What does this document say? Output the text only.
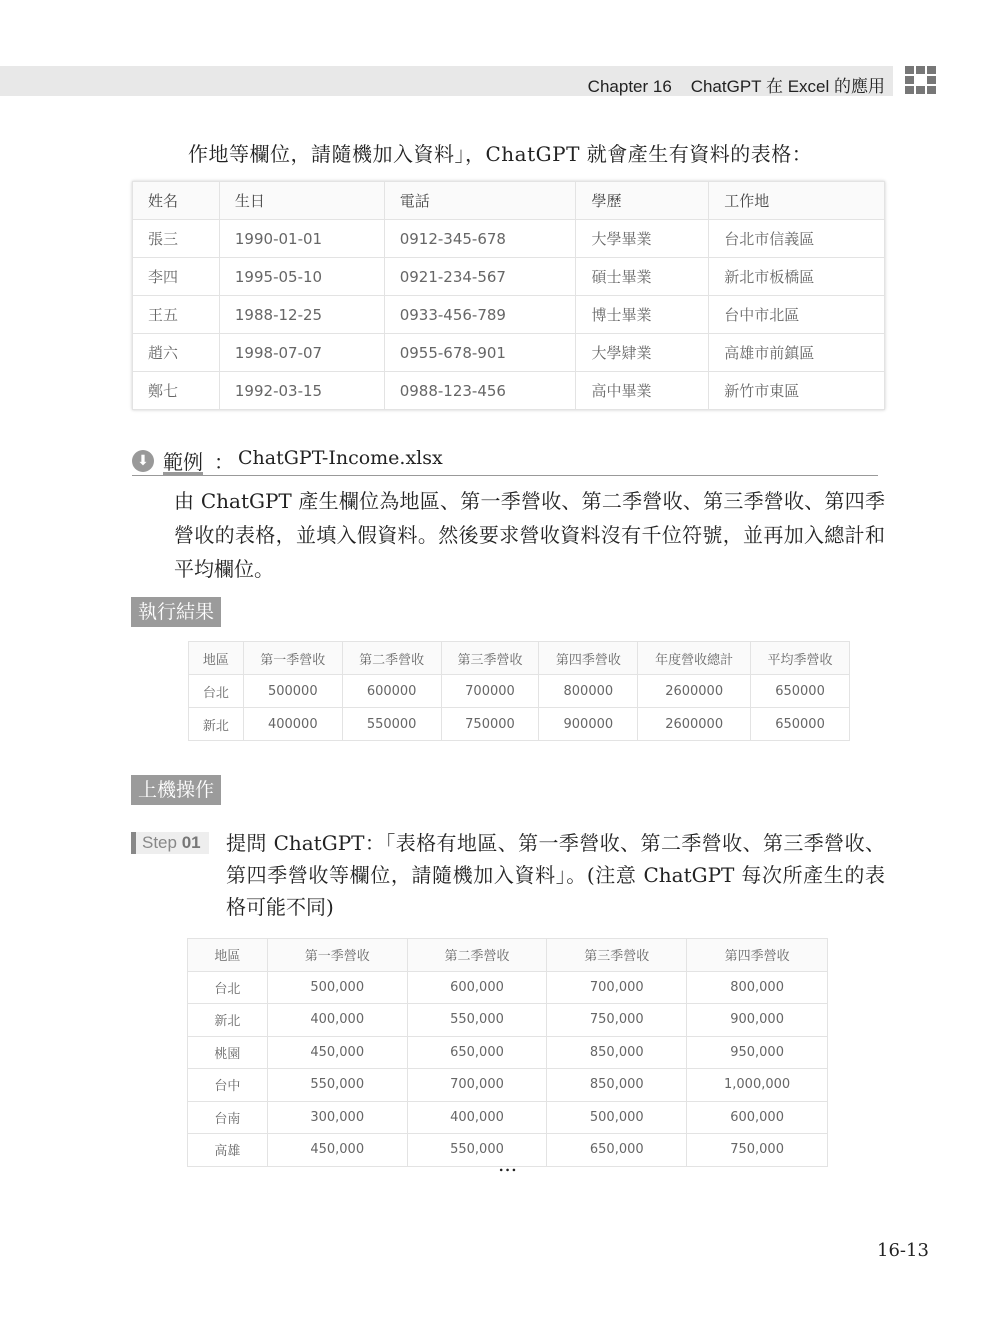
Chapter 16 ChatGPT 在 Excel 的應用
作地等欄位，請隨機加入資料」，ChatGPT 就會產生有資料的表格：
姓名	生日	電話	學歷	工作地
張三	1990-01-01	0912-345-678	大學畢業	台北市信義區
李四	1995-05-10	0921-234-567	碩士畢業	新北市板橋區
王五	1988-12-25	0933-456-789	博士畢業	台中市北區
趙六	1998-07-07	0955-678-901	大學肄業	高雄市前鎮區
鄭七	1992-03-15	0988-123-456	高中畢業	新竹市東區
⬇ 範例 ： ChatGPT-Income.xlsx
由 ChatGPT 產生欄位為地區、第一季營收、第二季營收、第三季營收、第四季營收的表格，並填入假資料。然後要求營收資料沒有千位符號，並再加入總計和平均欄位。
執行結果
地區	第一季營收	第二季營收	第三季營收	第四季營收	年度營收總計	平均季營收
台北	500000	600000	700000	800000	2600000	650000
新北	400000	550000	750000	900000	2600000	650000
上機操作
Step 01	提問 ChatGPT：「表格有地區、第一季營收、第二季營收、第三季營收、第四季營收等欄位，請隨機加入資料」。(注意 ChatGPT 每次所產生的表格可能不同)
地區	第一季營收	第二季營收	第三季營收	第四季營收
台北	500,000	600,000	700,000	800,000
新北	400,000	550,000	750,000	900,000
桃園	450,000	650,000	850,000	950,000
台中	550,000	700,000	850,000	1,000,000
台南	300,000	400,000	500,000	600,000
高雄	450,000	550,000	650,000	750,000
...
16-13
